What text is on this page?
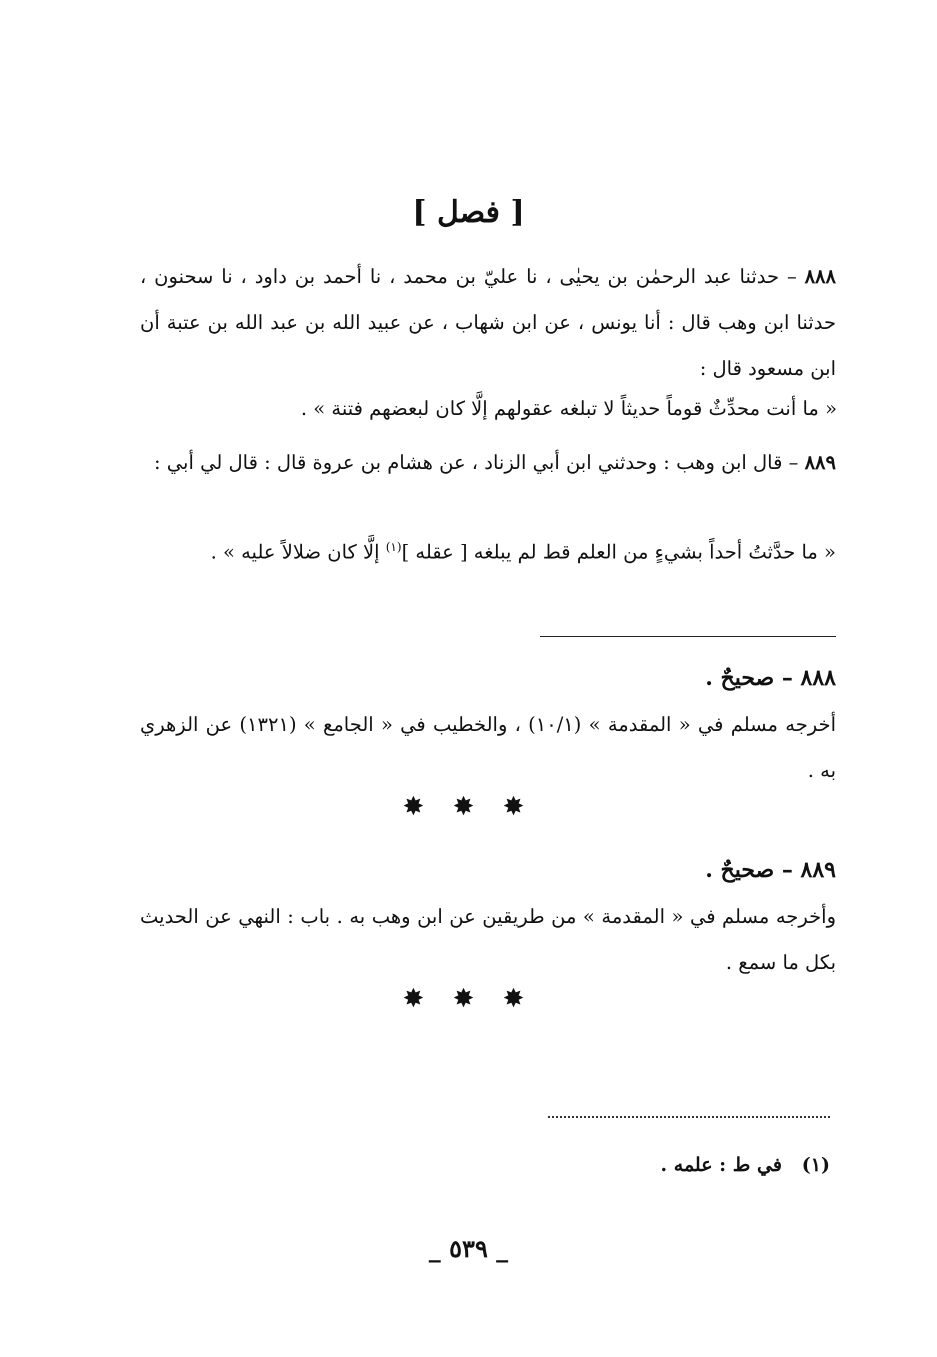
[ فصل ]
٨٨٨ – حدثنا عبد الرحمٰن بن يحيٰى ، نا عليّ بن محمد ، نا أحمد بن داود ، نا سحنون ، حدثنا ابن وهب قال : أنا يونس ، عن ابن شهاب ، عن عبيد الله بن عبد الله بن عتبة أن ابن مسعود قال :
« ما أنت محدِّثٌ قوماً حديثاً لا تبلغه عقولهم إلَّا كان لبعضهم فتنة » .
٨٨٩ – قال ابن وهب : وحدثني ابن أبي الزناد ، عن هشام بن عروة قال : قال لي أبي :
« ما حدَّثتُ أحداً بشيءٍ من العلم قط لم يبلغه [ عقله ]$^{(١)}$ إلَّا كان ضلالاً عليه » .
٨٨٨ – صحيحٌ .
أخرجه مسلم في « المقدمة » (١٠/١) ، والخطيب في « الجامع » (١٣٢١) عن الزهري به .
✸ ✸ ✸
٨٨٩ – صحيحٌ .
وأخرجه مسلم في « المقدمة » من طريقين عن ابن وهب به . باب : النهي عن الحديث بكل ما سمع .
✸ ✸ ✸
(١)   في ط : علمه .
_ ٥٣٩ _
